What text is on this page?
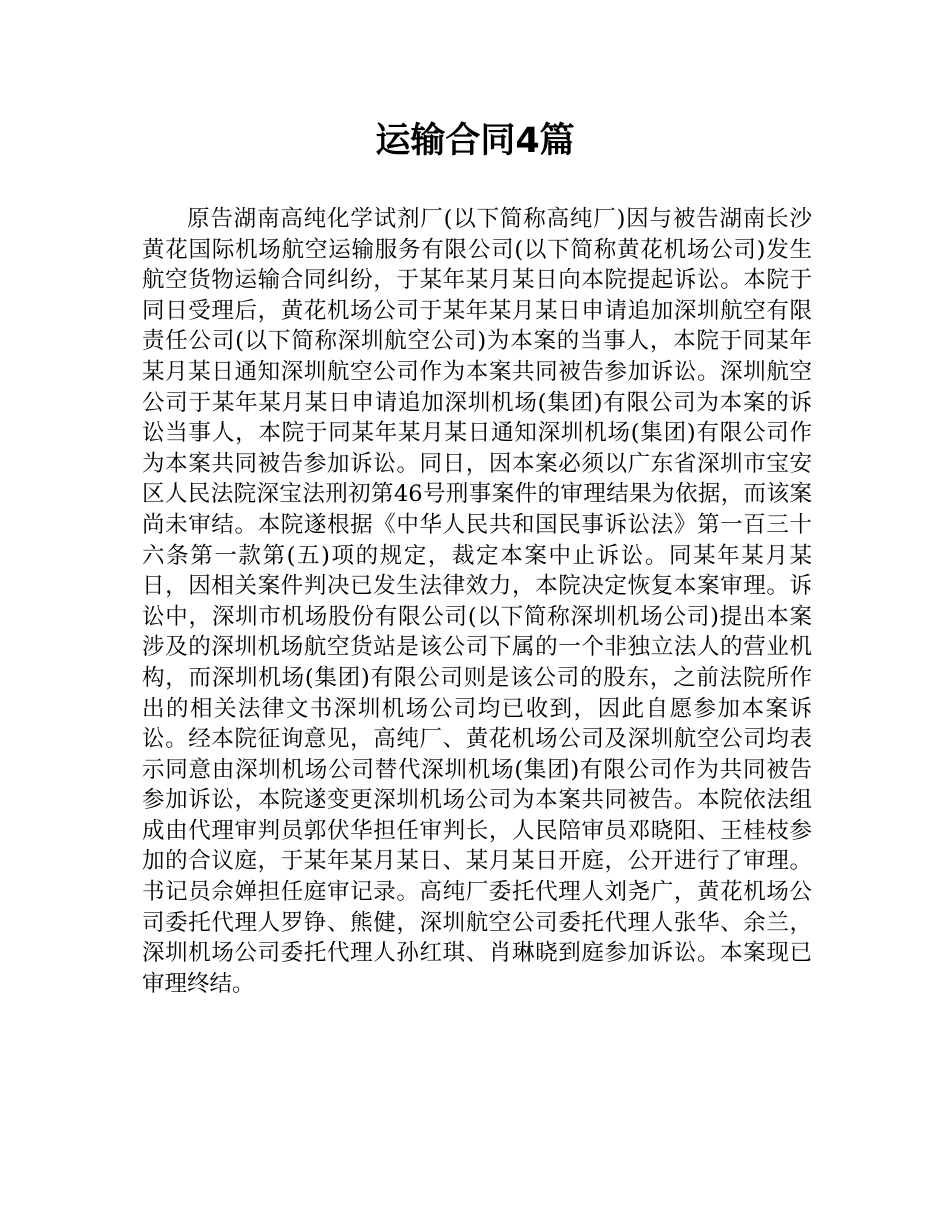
运输合同4篇

原告湖南高纯化学试剂厂(以下简称高纯厂)因与被告湖南长沙黄花国际机场航空运输服务有限公司(以下简称黄花机场公司)发生航空货物运输合同纠纷，于某年某月某日向本院提起诉讼。本院于同日受理后，黄花机场公司于某年某月某日申请追加深圳航空有限责任公司(以下简称深圳航空公司)为本案的当事人，本院于同某年某月某日通知深圳航空公司作为本案共同被告参加诉讼。深圳航空公司于某年某月某日申请追加深圳机场(集团)有限公司为本案的诉讼当事人，本院于同某年某月某日通知深圳机场(集团)有限公司作为本案共同被告参加诉讼。同日，因本案必须以广东省深圳市宝安区人民法院深宝法刑初第46号刑事案件的审理结果为依据，而该案尚未审结。本院遂根据《中华人民共和国民事诉讼法》第一百三十六条第一款第(五)项的规定，裁定本案中止诉讼。同某年某月某日，因相关案件判决已发生法律效力，本院决定恢复本案审理。诉讼中，深圳市机场股份有限公司(以下简称深圳机场公司)提出本案涉及的深圳机场航空货站是该公司下属的一个非独立法人的营业机构，而深圳机场(集团)有限公司则是该公司的股东，之前法院所作出的相关法律文书深圳机场公司均已收到，因此自愿参加本案诉讼。经本院征询意见，高纯厂、黄花机场公司及深圳航空公司均表示同意由深圳机场公司替代深圳机场(集团)有限公司作为共同被告参加诉讼，本院遂变更深圳机场公司为本案共同被告。本院依法组成由代理审判员郭伏华担任审判长，人民陪审员邓晓阳、王桂枝参加的合议庭，于某年某月某日、某月某日开庭，公开进行了审理。书记员佘婵担任庭审记录。高纯厂委托代理人刘尧广，黄花机场公司委托代理人罗铮、熊健，深圳航空公司委托代理人张华、余兰，深圳机场公司委托代理人孙红琪、肖琳晓到庭参加诉讼。本案现已审理终结。
